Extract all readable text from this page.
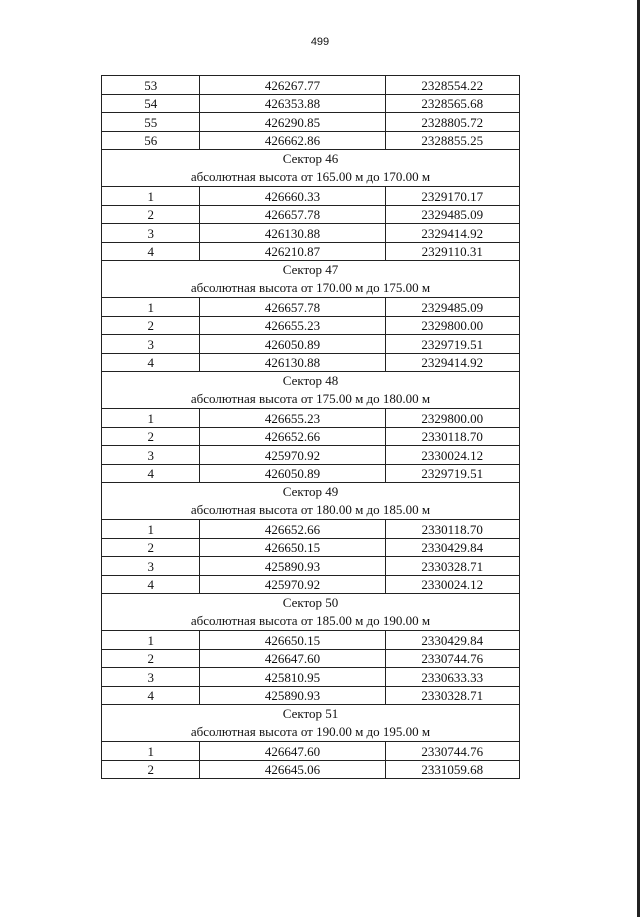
499
53	426267.77	2328554.22
54	426353.88	2328565.68
55	426290.85	2328805.72
56	426662.86	2328855.25

Сектор 46
абсолютная высота от 165.00 м до 170.00 м		

1	426660.33	2329170.17
2	426657.78	2329485.09
3	426130.88	2329414.92
4	426210.87	2329110.31

Сектор 47
абсолютная высота от 170.00 м до 175.00 м		

1	426657.78	2329485.09
2	426655.23	2329800.00
3	426050.89	2329719.51
4	426130.88	2329414.92

Сектор 48
абсолютная высота от 175.00 м до 180.00 м		

1	426655.23	2329800.00
2	426652.66	2330118.70
3	425970.92	2330024.12
4	426050.89	2329719.51

Сектор 49
абсолютная высота от 180.00 м до 185.00 м		

1	426652.66	2330118.70
2	426650.15	2330429.84
3	425890.93	2330328.71
4	425970.92	2330024.12

Сектор 50
абсолютная высота от 185.00 м до 190.00 м		

1	426650.15	2330429.84
2	426647.60	2330744.76
3	425810.95	2330633.33
4	425890.93	2330328.71

Сектор 51
абсолютная высота от 190.00 м до 195.00 м		

1	426647.60	2330744.76
2	426645.06	2331059.68
